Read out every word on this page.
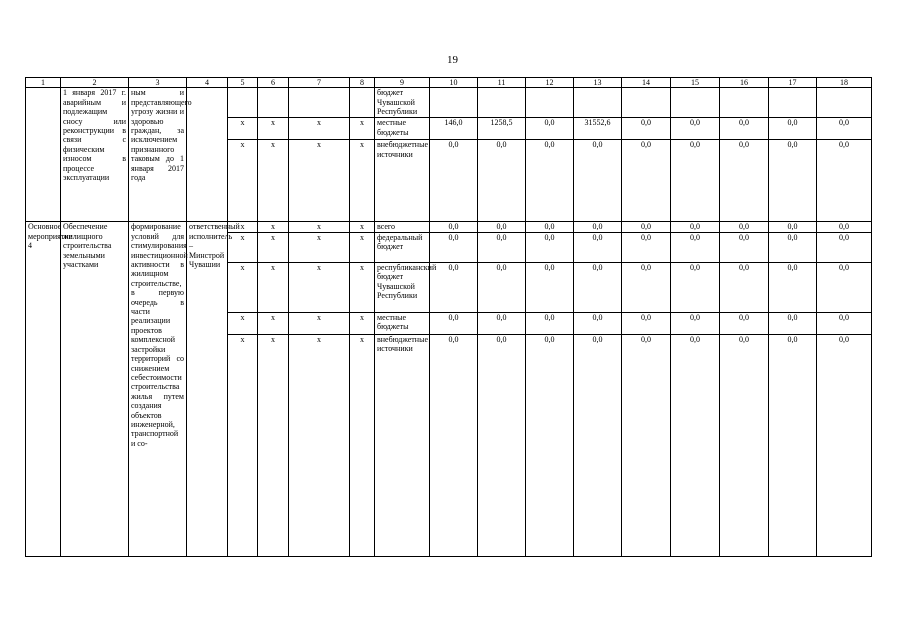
19
1	2	3	4	5	6	7	8	9	10	11	12	13	14	15	16	17	18
	1 января 2017 г. аварийным и подлежащим сносу или реконструкции в связи с физическим износом в процессе эксплуатации	ным и представляющего угрозу жизни и здоровью граждан, за исключением признанного таковым до 1 января 2017 года						бюджет Чувашской Республики									
				х	х	х	х	местные бюджеты	146,0	1258,5	0,0	31552,6	0,0	0,0	0,0	0,0	0,0
				х	х	х	х	внебюджетные источники	0,0	0,0	0,0	0,0	0,0	0,0	0,0	0,0	0,0
Основное мероприятие 4	Обеспечение жилищного строительства земельными участками	формирование условий для стимулирования инвестиционной активности в жилищном строительстве, в первую очередь в части реализации проектов комплексной застройки территорий со снижением себестоимости строительства жилья путем создания объектов инженерной, транспортной и со-	ответственный исполнитель – Минстрой Чувашии	х	х	х	х	всего	0,0	0,0	0,0	0,0	0,0	0,0	0,0	0,0	0,0
				х	х	х	х	федеральный бюджет	0,0	0,0	0,0	0,0	0,0	0,0	0,0	0,0	0,0
				х	х	х	х	республиканский бюджет Чувашской Республики	0,0	0,0	0,0	0,0	0,0	0,0	0,0	0,0	0,0
				х	х	х	х	местные бюджеты	0,0	0,0	0,0	0,0	0,0	0,0	0,0	0,0	0,0
				х	х	х	х	внебюджетные источники	0,0	0,0	0,0	0,0	0,0	0,0	0,0	0,0	0,0
